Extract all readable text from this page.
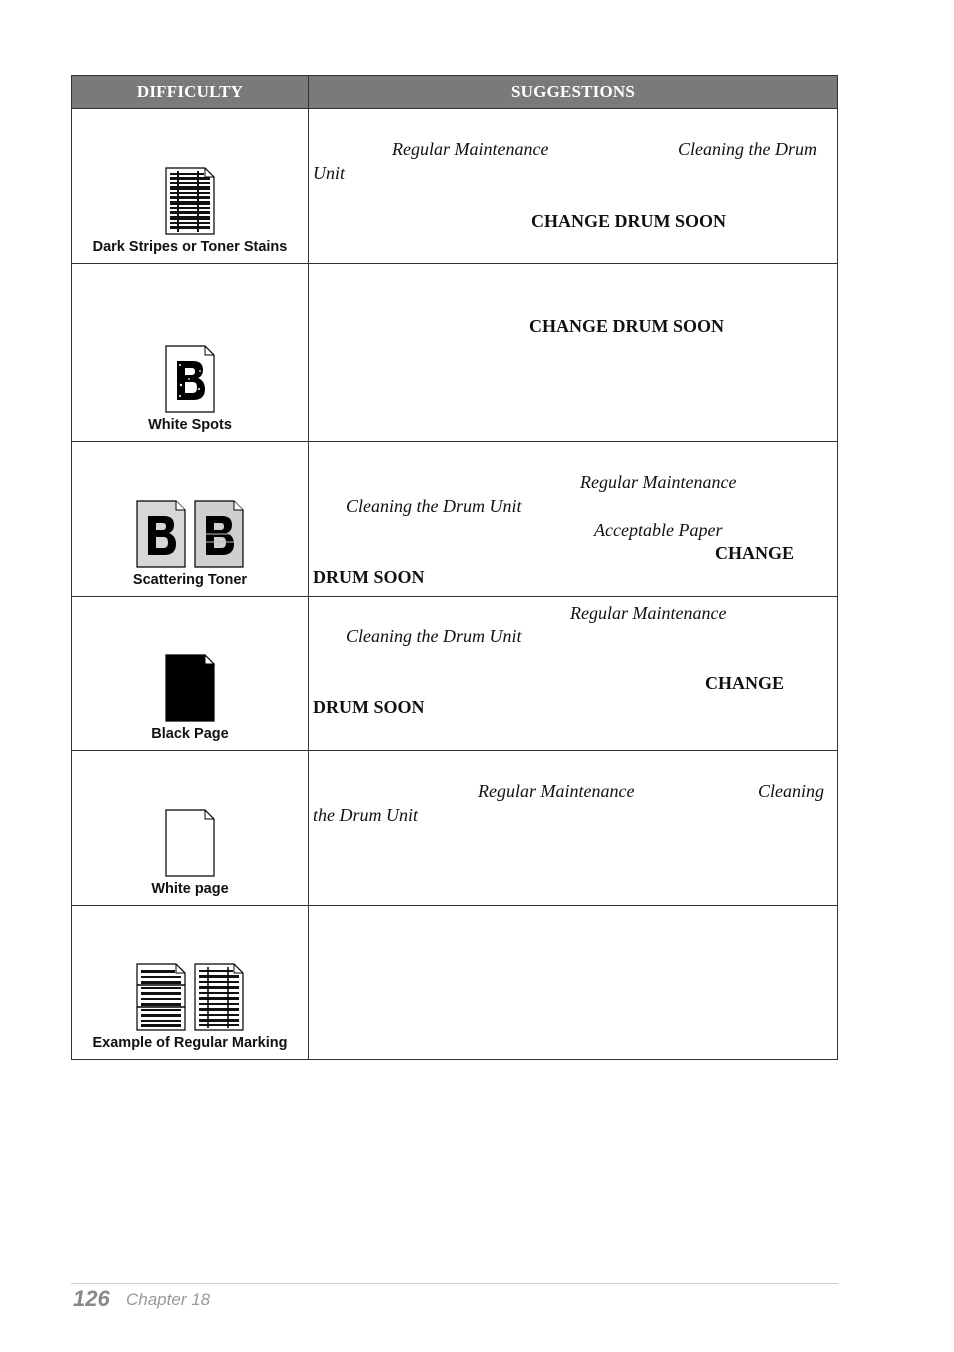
DIFFICULTY	SUGGESTIONS

Dark Stripes or Toner Stains	Regular Maintenance Cleaning the Drum
Unit
CHANGE DRUM SOON

White Spots	CHANGE DRUM SOON

Scattering Toner	Regular Maintenance
Cleaning the Drum Unit
Acceptable Paper
CHANGE
DRUM SOON

Black Page	Regular Maintenance
Cleaning the Drum Unit
CHANGE
DRUM SOON

White page	Regular Maintenance Cleaning
the Drum Unit

Example of Regular Marking	

126 Chapter 18
